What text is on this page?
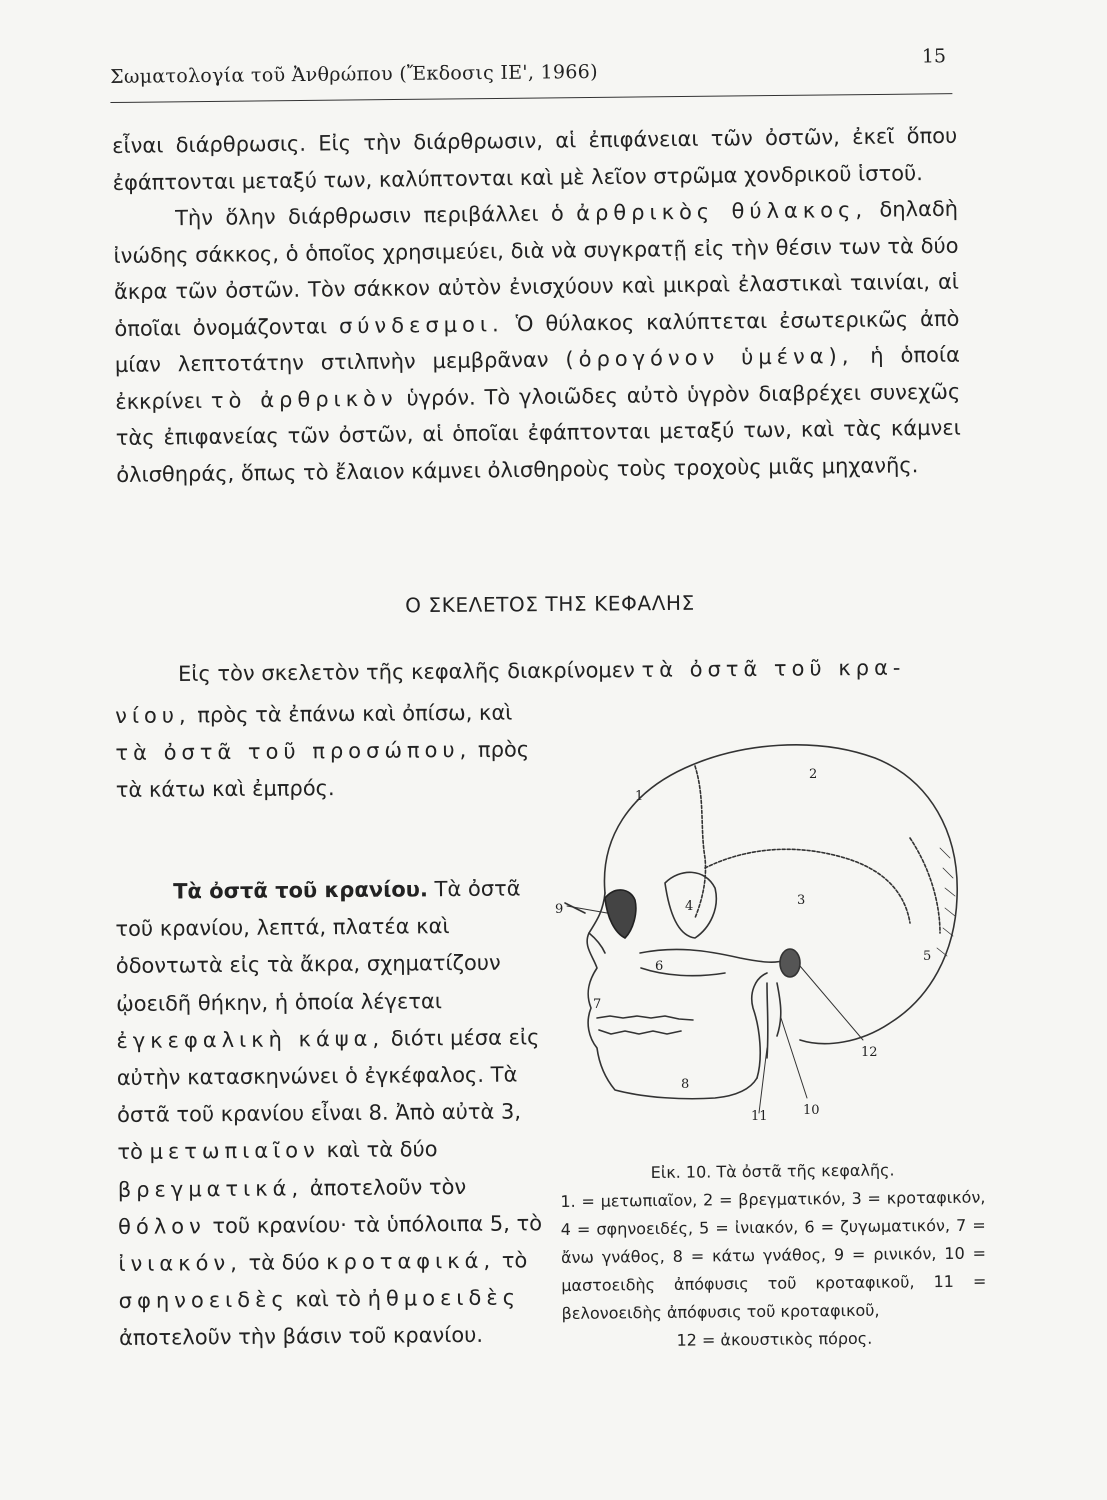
Σωματολογία τοῦ Ἀνθρώπου (Ἔκδοσις ΙΕ', 1966)
15

εἶναι διάρθρωσις. Εἰς τὴν διάρθρωσιν, αἱ ἐπιφάνειαι τῶν ὀστῶν, ἐκεῖ ὅπου ἐφάπτονται μεταξύ των, καλύπτονται καὶ μὲ λεῖον στρῶμα χονδρικοῦ ἱστοῦ.

Τὴν ὅλην διάρθρωσιν περιβάλλει ὁ ἀρθρικὸς θύλακος, δηλαδὴ ἰνώδης σάκκος, ὁ ὁποῖος χρησιμεύει, διὰ νὰ συγκρατῇ εἰς τὴν θέσιν των τὰ δύο ἄκρα τῶν ὀστῶν. Τὸν σάκκον αὐτὸν ἐνισχύουν καὶ μικραὶ ἐλαστικαὶ ταινίαι, αἱ ὁποῖαι ὀνομάζονται σύνδεσμοι. Ὁ θύλακος καλύπτεται ἐσωτερικῶς ἀπὸ μίαν λεπτοτάτην στιλπνὴν μεμβρᾶναν (ὀρογόνον ὑμένα), ἡ ὁποία ἐκκρίνει τὸ ἀρθρικὸν ὑγρόν. Τὸ γλοιῶδες αὐτὸ ὑγρὸν διαβρέχει συνεχῶς τὰς ἐπιφανείας τῶν ὀστῶν, αἱ ὁποῖαι ἐφάπτονται μεταξύ των, καὶ τὰς κάμνει ὀλισθηράς, ὅπως τὸ ἔλαιον κάμνει ὀλισθηροὺς τοὺς τροχοὺς μιᾶς μηχανῆς.

Ο ΣΚΕΛΕΤΟΣ ΤΗΣ ΚΕΦΑΛΗΣ
Εἰς τὸν σκελετὸν τῆς κεφαλῆς διακρίνομεν τὰ ὀστᾶ τοῦ κρα-

νίου, πρὸς τὰ ἐπάνω καὶ ὀπίσω, καὶ τὰ ὀστᾶ τοῦ προσώπου, πρὸς τὰ κάτω καὶ ἐμπρός.

Τὰ ὀστᾶ τοῦ κρανίου. Τὰ ὀστᾶ τοῦ κρανίου, λεπτά, πλατέα καὶ ὀδοντωτὰ εἰς τὰ ἄκρα, σχηματίζουν ᾠοειδῆ θήκην, ἡ ὁποία λέγεται ἐγκεφαλικὴ κάψα, διότι μέσα εἰς αὐτὴν κατασκηνώνει ὁ ἐγκέφαλος. Τὰ ὀστᾶ τοῦ κρανίου εἶναι 8. Ἀπὸ αὐτὰ 3, τὸ μετωπιαῖον καὶ τὰ δύο βρεγματικά, ἀποτελοῦν τὸν θόλον τοῦ κρανίου· τὰ ὑπόλοιπα 5, τὸ ἰνιακόν, τὰ δύο κροταφικά, τὸ σφηνοειδὲς καὶ τὸ ἠθμοειδὲς ἀποτελοῦν τὴν βάσιν τοῦ κρανίου.

1
2
3
4
5
6
7
8
9
10
11
12

Εἰκ. 10. Τὰ ὀστᾶ τῆς κεφαλῆς.

1. = μετωπιαῖον, 2 = βρεγματικόν, 3 = κροταφικόν, 4 = σφηνοειδές, 5 = ἰνιακόν, 6 = ζυγωματικόν, 7 = ἄνω γνάθος, 8 = κάτω γνάθος, 9 = ρινικόν, 10 = μαστοειδὴς ἀπόφυσις τοῦ κροταφικοῦ, 11 = βελονοειδὴς ἀπόφυσις τοῦ κροταφικοῦ,

12 = ἀκουστικὸς πόρος.
